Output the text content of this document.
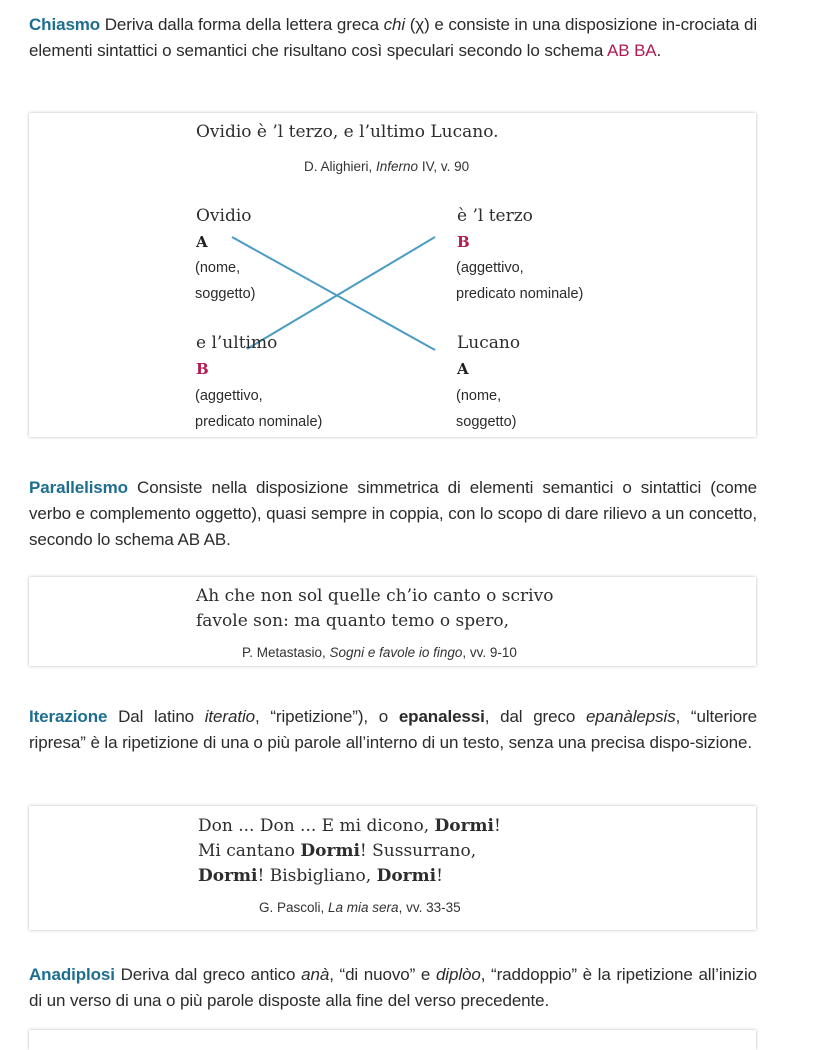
Chiasmo Deriva dalla forma della lettera greca chi (χ) e consiste in una disposizione in-crociata di elementi sintattici o semantici che risultano così speculari secondo lo schema AB BA.

Ovidio è ’l terzo, e l’ultimo Lucano.
D. Alighieri, Inferno IV, v. 90
Ovidio
A
(nome,
soggetto)
è ’l terzo
B
(aggettivo,
predicato nominale)
e l’ultimo
B
(aggettivo,
predicato nominale)
Lucano
A
(nome,
soggetto)

Parallelismo Consiste nella disposizione simmetrica di elementi semantici o sintattici (come verbo e complemento oggetto), quasi sempre in coppia, con lo scopo di dare rilievo a un concetto, secondo lo schema AB AB.

Ah che non sol quelle ch’io canto o scrivo
favole son: ma quanto temo o spero,
P. Metastasio, Sogni e favole io fingo, vv. 9-10

Iterazione Dal latino iteratio, “ripetizione”), o epanalessi, dal greco epanàlepsis, “ulteriore ripresa” è la ripetizione di una o più parole all’interno di un testo, senza una precisa dispo-sizione.

Don ... Don ... E mi dicono, Dormi!
Mi cantano Dormi! Sussurrano,
Dormi! Bisbigliano, Dormi!
G. Pascoli, La mia sera, vv. 33-35

Anadiplosi Deriva dal greco antico anà, “di nuovo” e diplòo, “raddoppio” è la ripetizione all’inizio di un verso di una o più parole disposte alla fine del verso precedente.
